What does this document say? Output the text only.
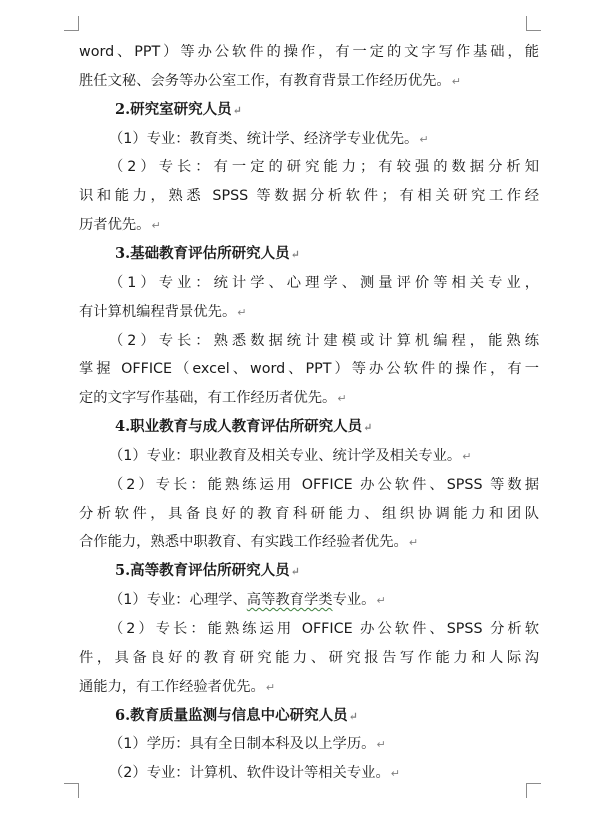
word、PPT）等办公软件的操作，有一定的文字写作基础，能
胜任文秘、会务等办公室工作，有教育背景工作经历优先。↵
2.研究室研究人员↵
（1）专业：教育类、统计学、经济学专业优先。↵
（2）专长：有一定的研究能力；有较强的数据分析知
识和能力，熟悉 SPSS 等数据分析软件；有相关研究工作经
历者优先。↵
3.基础教育评估所研究人员↵
（1）专业：统计学、心理学、测量评价等相关专业，
有计算机编程背景优先。↵
（2）专长：熟悉数据统计建模或计算机编程，能熟练
掌握 OFFICE（excel、word、PPT）等办公软件的操作，有一
定的文字写作基础，有工作经历者优先。↵
4.职业教育与成人教育评估所研究人员↵
（1）专业：职业教育及相关专业、统计学及相关专业。↵
（2）专长：能熟练运用 OFFICE 办公软件、SPSS 等数据
分析软件，具备良好的教育科研能力、组织协调能力和团队
合作能力，熟悉中职教育、有实践工作经验者优先。↵
5.高等教育评估所研究人员↵
（1）专业：心理学、高等教育学类专业。↵
（2）专长：能熟练运用 OFFICE 办公软件、SPSS 分析软
件，具备良好的教育研究能力、研究报告写作能力和人际沟
通能力，有工作经验者优先。↵
6.教育质量监测与信息中心研究人员↵
（1）学历：具有全日制本科及以上学历。↵
（2）专业：计算机、软件设计等相关专业。↵
